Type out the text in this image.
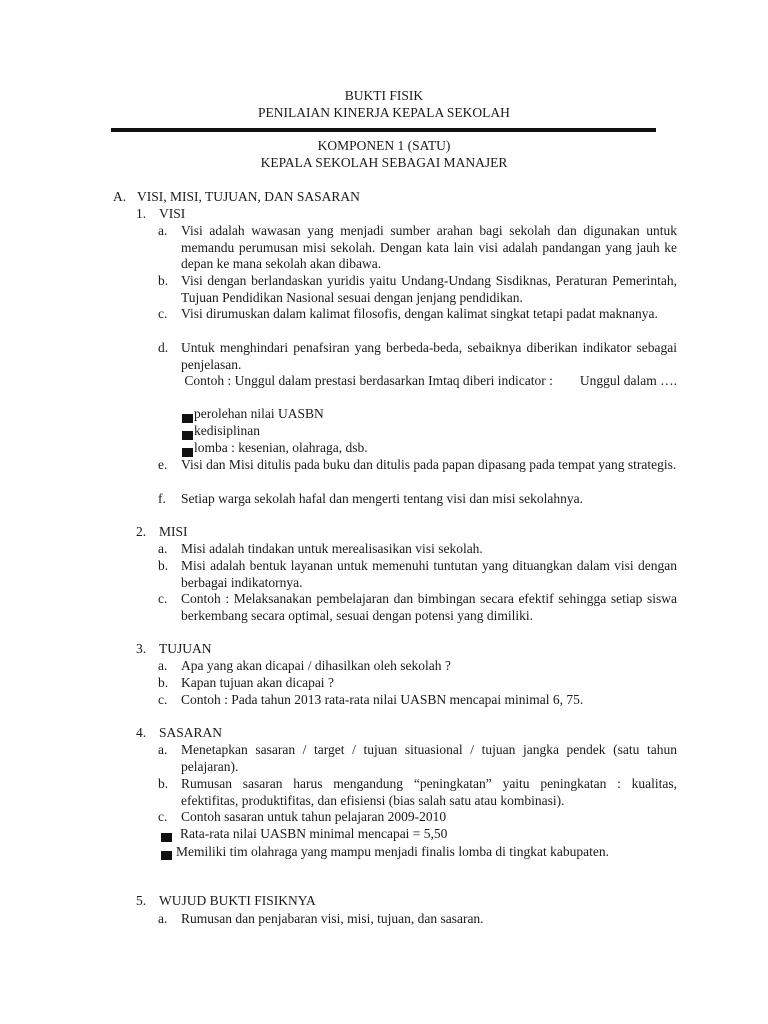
BUKTI FISIK
PENILAIAN KINERJA KEPALA SEKOLAH
KOMPONEN 1 (SATU)
KEPALA SEKOLAH SEBAGAI MANAJER
A. VISI, MISI, TUJUAN, DAN SASARAN
1. VISI
a. Visi adalah wawasan yang menjadi sumber arahan bagi sekolah dan digunakan untuk memandu perumusan misi sekolah. Dengan kata lain visi adalah pandangan yang jauh ke depan ke mana sekolah akan dibawa.
b. Visi dengan berlandaskan yuridis yaitu Undang-Undang Sisdiknas, Peraturan Pemerintah, Tujuan Pendidikan Nasional sesuai dengan jenjang pendidikan.
c. Visi dirumuskan dalam kalimat filosofis, dengan kalimat singkat tetapi padat maknanya.
d. Untuk menghindari penafsiran yang berbeda-beda, sebaiknya diberikan indikator sebagai penjelasan.
Contoh : Unggul dalam prestasi berdasarkan Imtaq diberi indicator :        Unggul dalam ….
perolehan nilai UASBN
kedisiplinan
lomba : kesenian, olahraga, dsb.
e. Visi dan Misi ditulis pada buku dan ditulis pada papan dipasang pada tempat yang strategis.
f. Setiap warga sekolah hafal dan mengerti tentang visi dan misi sekolahnya.
2. MISI
a. Misi adalah tindakan untuk merealisasikan visi sekolah.
b. Misi adalah bentuk layanan untuk memenuhi tuntutan yang dituangkan dalam visi dengan berbagai indikatornya.
c. Contoh : Melaksanakan pembelajaran dan bimbingan secara efektif sehingga setiap siswa berkembang secara optimal, sesuai dengan potensi yang dimiliki.
3. TUJUAN
a. Apa yang akan dicapai / dihasilkan oleh sekolah ?
b. Kapan tujuan akan dicapai ?
c. Contoh : Pada tahun 2013 rata-rata nilai UASBN mencapai minimal 6, 75.
4. SASARAN
a. Menetapkan sasaran / target / tujuan situasional / tujuan jangka pendek (satu tahun pelajaran).
b. Rumusan sasaran harus mengandung “peningkatan” yaitu peningkatan : kualitas, efektifitas, produktifitas, dan efisiensi (bias salah satu atau kombinasi).
c. Contoh sasaran untuk tahun pelajaran 2009-2010
Rata-rata nilai UASBN minimal mencapai = 5,50
Memiliki tim olahraga yang mampu menjadi finalis lomba di tingkat kabupaten.
5. WUJUD BUKTI FISIKNYA
a. Rumusan dan penjabaran visi, misi, tujuan, dan sasaran.
